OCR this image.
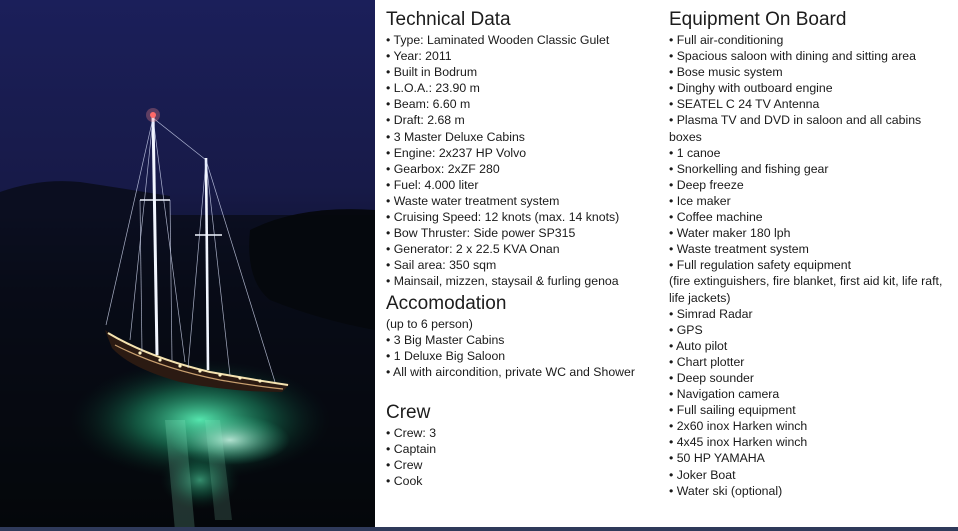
Technical Data
• Type: Laminated Wooden Classic Gulet
• Year: 2011
• Built in Bodrum
• L.O.A.: 23.90 m
• Beam: 6.60 m
• Draft: 2.68 m
• 3 Master Deluxe Cabins
• Engine: 2x237 HP Volvo
• Gearbox: 2xZF 280
• Fuel: 4.000 liter
• Waste water treatment system
• Cruising Speed: 12 knots (max. 14 knots)
• Bow Thruster: Side power SP315
• Generator: 2 x 22.5 KVA Onan
• Sail area: 350 sqm
• Mainsail, mizzen, staysail & furling genoa
Accomodation
(up to 6 person)
• 3 Big Master Cabins
• 1 Deluxe Big Saloon
• All with aircondition, private WC and Shower
Crew
• Crew: 3
• Captain
• Crew
• Cook
Equipment On Board
• Full air-conditioning
• Spacious saloon with dining and sitting area
• Bose music system
• Dinghy with outboard engine
• SEATEL C 24 TV Antenna
• Plasma TV and DVD in saloon and all cabins boxes
• 1 canoe
• Snorkelling and fishing gear
• Deep freeze
• Ice maker
• Coffee machine
• Water maker 180 lph
• Waste treatment system
• Full regulation safety equipment
(fire extinguishers, fire blanket, first aid kit, life raft,
life jackets)
• Simrad Radar
• GPS
• Auto pilot
• Chart plotter
• Deep sounder
• Navigation camera
• Full sailing equipment
• 2x60 inox Harken winch
• 4x45 inox Harken winch
• 50 HP YAMAHA
• Joker Boat
• Water ski (optional)
